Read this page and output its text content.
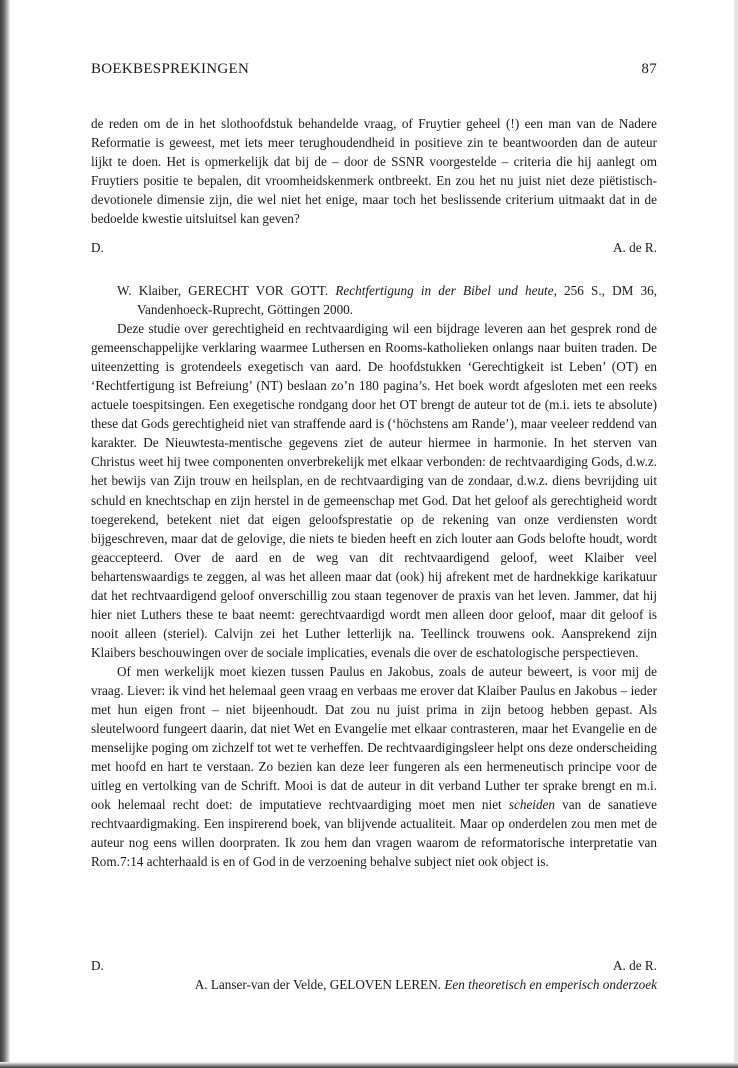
BOEKBESPREKINGEN	87

de reden om de in het slothoofdstuk behandelde vraag, of Fruytier geheel (!) een man van de Nadere Reformatie is geweest, met iets meer terughoudendheid in positieve zin te beantwoorden dan de auteur lijkt te doen. Het is opmerkelijk dat bij de – door de SSNR voorgestelde – criteria die hij aanlegt om Fruytiers positie te bepalen, dit vroomheidskenmerk ontbreekt. En zou het nu juist niet deze piëtistisch-devotionele dimensie zijn, die wel niet het enige, maar toch het beslissende criterium uitmaakt dat in de bedoelde kwestie uitsluitsel kan geven?

D.	A. de R.

W. Klaiber, GERECHT VOR GOTT. Rechtfertigung in der Bibel und heute, 256 S., DM 36, Vandenhoeck-Ruprecht, Göttingen 2000.

Deze studie over gerechtigheid en rechtvaardiging wil een bijdrage leveren aan het gesprek rond de gemeenschappelijke verklaring waarmee Luthersen en Rooms-katholieken onlangs naar buiten traden. De uiteenzetting is grotendeels exegetisch van aard. De hoofdstukken ‘Gerechtigkeit ist Leben’ (OT) en ‘Rechtfertigung ist Befreiung’ (NT) beslaan zo’n 180 pagina’s. Het boek wordt afgesloten met een reeks actuele toespitsingen. Een exegetische rondgang door het OT brengt de auteur tot de (m.i. iets te absolute) these dat Gods gerechtigheid niet van straffende aard is (‘höchstens am Rande’), maar veeleer reddend van karakter. De Nieuwtesta-mentische gegevens ziet de auteur hiermee in harmonie. In het sterven van Christus weet hij twee componenten onverbrekelijk met elkaar verbonden: de rechtvaardiging Gods, d.w.z. het bewijs van Zijn trouw en heilsplan, en de rechtvaardiging van de zondaar, d.w.z. diens bevrijding uit schuld en knechtschap en zijn herstel in de gemeenschap met God. Dat het geloof als gerechtigheid wordt toegerekend, betekent niet dat eigen geloofsprestatie op de rekening van onze verdiensten wordt bijgeschreven, maar dat de gelovige, die niets te bieden heeft en zich louter aan Gods belofte houdt, wordt geaccepteerd. Over de aard en de weg van dit rechtvaardigend geloof, weet Klaiber veel behartenswaardigs te zeggen, al was het alleen maar dat (ook) hij afrekent met de hardnekkige karikatuur dat het rechtvaardigend geloof onverschillig zou staan tegenover de praxis van het leven. Jammer, dat hij hier niet Luthers these te baat neemt: gerechtvaardigd wordt men alleen door geloof, maar dit geloof is nooit alleen (steriel). Calvijn zei het Luther letterlijk na. Teellinck trouwens ook. Aansprekend zijn Klaibers beschouwingen over de sociale implicaties, evenals die over de eschatologische perspectieven.

Of men werkelijk moet kiezen tussen Paulus en Jakobus, zoals de auteur beweert, is voor mij de vraag. Liever: ik vind het helemaal geen vraag en verbaas me erover dat Klaiber Paulus en Jakobus – ieder met hun eigen front – niet bijeenhoudt. Dat zou nu juist prima in zijn betoog hebben gepast. Als sleutelwoord fungeert daarin, dat niet Wet en Evangelie met elkaar contrasteren, maar het Evangelie en de menselijke poging om zichzelf tot wet te verheffen. De rechtvaardigingsleer helpt ons deze onderscheiding met hoofd en hart te verstaan. Zo bezien kan deze leer fungeren als een hermeneutisch principe voor de uitleg en vertolking van de Schrift. Mooi is dat de auteur in dit verband Luther ter sprake brengt en m.i. ook helemaal recht doet: de imputatieve rechtvaardiging moet men niet scheiden van de sanatieve rechtvaardigmaking. Een inspirerend boek, van blijvende actualiteit. Maar op onderdelen zou men met de auteur nog eens willen doorpraten. Ik zou hem dan vragen waarom de reformatorische interpretatie van Rom.7:14 achterhaald is en of God in de verzoening behalve subject niet ook object is.

D.	A. de R.
A. Lanser-van der Velde, GELOVEN LEREN. Een theoretisch en emperisch onderzoek
